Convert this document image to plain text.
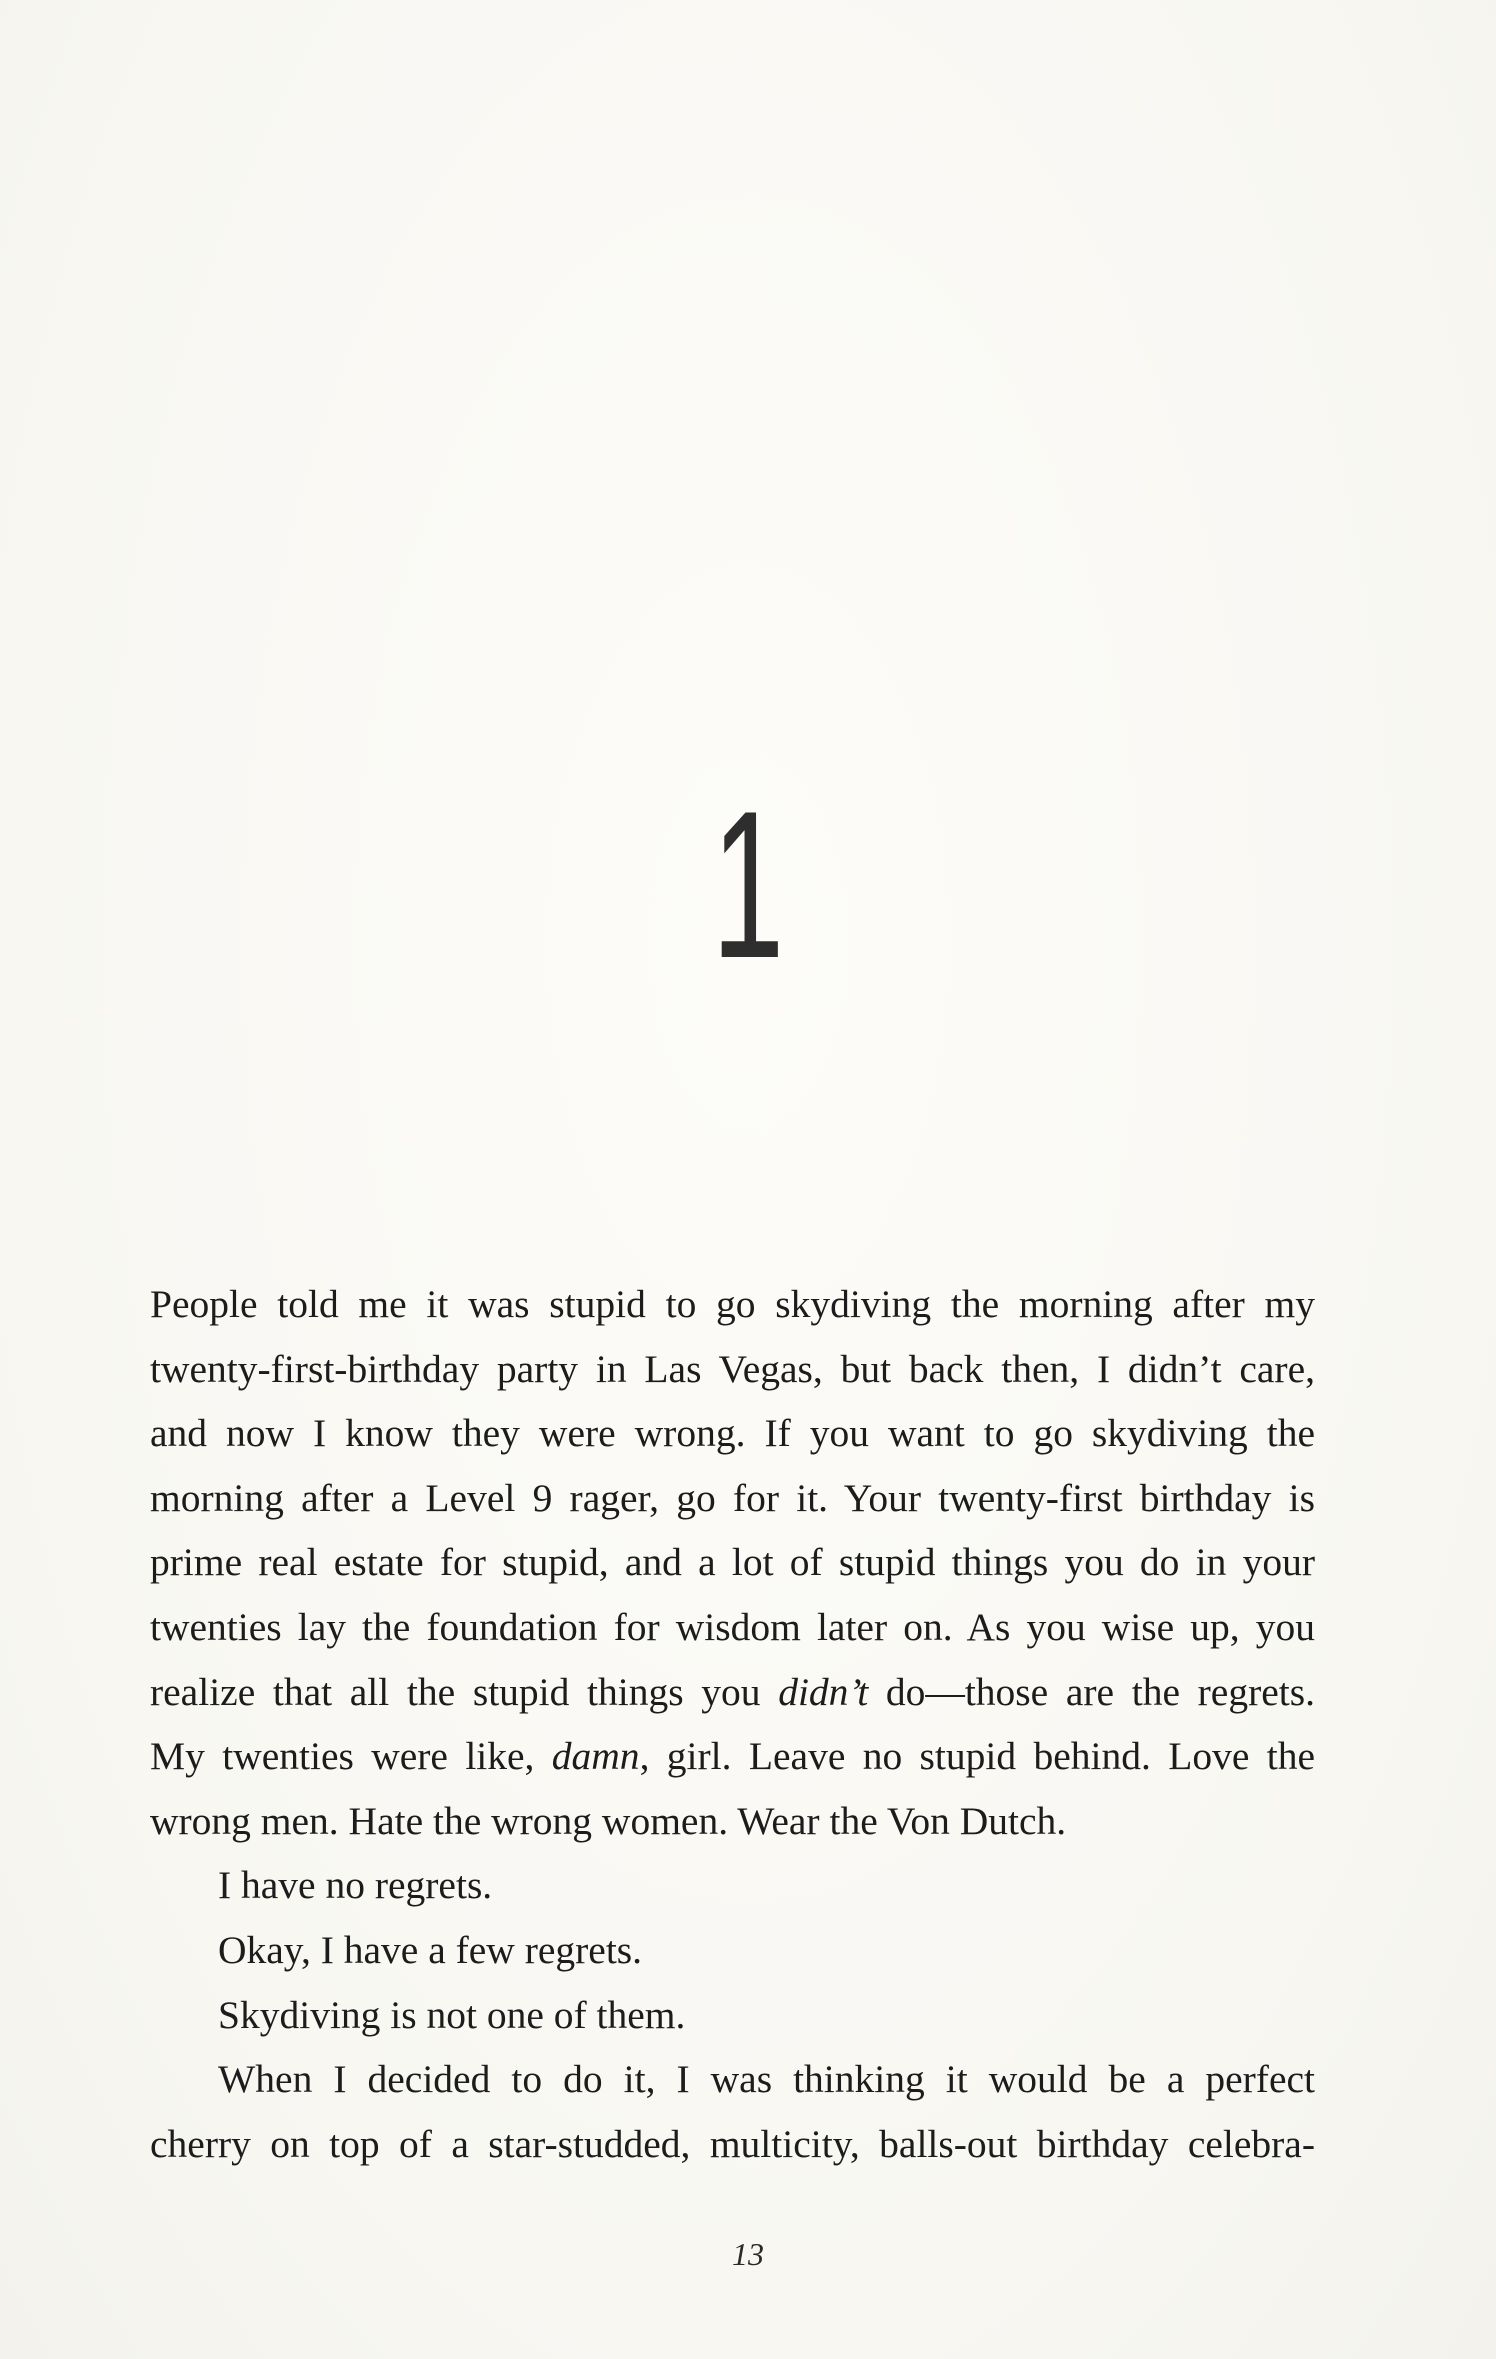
1
People told me it was stupid to go skydiving the morning after my
twenty-first-birthday party in Las Vegas, but back then, I didn’t care,
and now I know they were wrong. If you want to go skydiving the
morning after a Level 9 rager, go for it. Your twenty-first birthday is
prime real estate for stupid, and a lot of stupid things you do in your
twenties lay the foundation for wisdom later on. As you wise up, you
realize that all the stupid things you didn’t do—those are the regrets.
My twenties were like, damn, girl. Leave no stupid behind. Love the
wrong men. Hate the wrong women. Wear the Von Dutch.
I have no regrets.
Okay, I have a few regrets.
Skydiving is not one of them.
When I decided to do it, I was thinking it would be a perfect
cherry on top of a star-studded, multicity, balls-out birthday celebra-
13
